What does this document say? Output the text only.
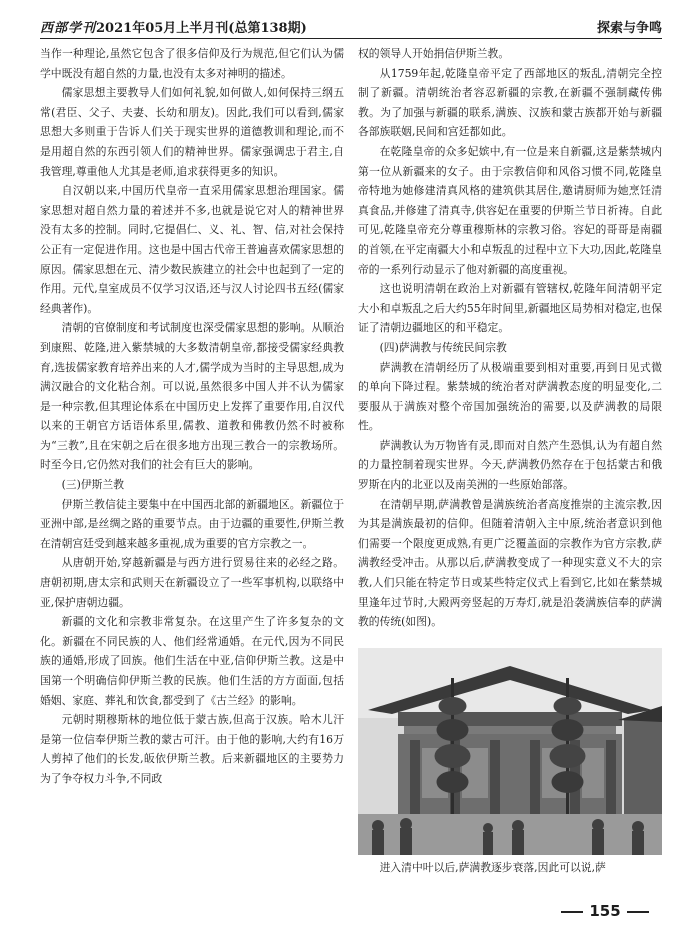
西部学刊2021年05月上半月刊(总第138期)	探索与争鸣

当作一种理论,虽然它包含了很多信仰及行为规范,但它们认为儒学中既没有超自然的力量,也没有太多对神明的描述。

儒家思想主要教导人们如何礼貌,如何做人,如何保持三纲五常(君臣、父子、夫妻、长幼和朋友)。因此,我们可以看到,儒家思想大多则重于告诉人们关于现实世界的道德教训和理论,而不是用超自然的东西引领人们的精神世界。儒家强调忠于君主,自我管理,尊重他人尤其是老师,追求获得更多的知识。

自汉朝以来,中国历代皇帝一直采用儒家思想治理国家。儒家思想对超自然力量的着述并不多,也就是说它对人的精神世界没有太多的控制。同时,它提倡仁、义、礼、智、信,对社会保持公正有一定促进作用。这也是中国古代帝王普遍喜欢儒家思想的原因。儒家思想在元、清少数民族建立的社会中也起到了一定的作用。元代,皇室成员不仅学习汉语,还与汉人讨论四书五经(儒家经典著作)。

清朝的官僚制度和考试制度也深受儒家思想的影响。从顺治到康熙、乾隆,进入紫禁城的大多数清朝皇帝,都接受儒家经典教育,选拔儒家教育培养出来的人才,儒学成为当时的主导思想,成为满汉融合的文化粘合剂。可以说,虽然很多中国人并不认为儒家是一种宗教,但其理论体系在中国历史上发挥了重要作用,自汉代以来的王朝官方话语体系里,儒教、道教和佛教仍然不时被称为“三教”,且在宋朝之后在很多地方出现三教合一的宗教场所。时至今日,它仍然对我们的社会有巨大的影响。

(三)伊斯兰教

伊斯兰教信徒主要集中在中国西北部的新疆地区。新疆位于亚洲中部,是丝绸之路的重要节点。由于边疆的重要性,伊斯兰教在清朝宫廷受到越来越多重视,成为重要的官方宗教之一。

从唐朝开始,穿越新疆是与西方进行贸易往来的必经之路。唐朝初期,唐太宗和武则天在新疆设立了一些军事机构,以联络中亚,保护唐朝边疆。

新疆的文化和宗教非常复杂。在这里产生了许多复杂的文化。新疆在不同民族的人、他们经常通婚。在元代,因为不同民族的通婚,形成了回族。他们生活在中亚,信仰伊斯兰教。这是中国第一个明确信仰伊斯兰教的民族。他们生活的方方面面,包括婚姻、家庭、葬礼和饮食,都受到了《古兰经》的影响。

元朝时期穆斯林的地位低于蒙古族,但高于汉族。哈木儿汗是第一位信奉伊斯兰教的蒙古可汗。由于他的影响,大约有16万人剪掉了他们的长发,皈依伊斯兰教。后来新疆地区的主要势力为了争夺权力斗争,不同政

权的领导人开始捐信伊斯兰教。

从1759年起,乾隆皇帝平定了西部地区的叛乱,清朝完全控制了新疆。清朝统治者容忍新疆的宗教,在新疆不强制藏传佛教。为了加强与新疆的联系,满族、汉族和蒙古族都开始与新疆各部族联姻,民间和宫廷都如此。

在乾隆皇帝的众多妃嫔中,有一位是来自新疆,这是紫禁城内第一位从新疆来的女子。由于宗教信仰和风俗习惯不同,乾隆皇帝特地为她修建清真风格的建筑供其居住,邀请厨师为她烹饪清真食品,并修建了清真寺,供容妃在重要的伊斯兰节日祈祷。自此可见,乾隆皇帝充分尊重穆斯林的宗教习俗。容妃的哥哥是南疆的首领,在平定南疆大小和卓叛乱的过程中立下大功,因此,乾隆皇帝的一系列行动显示了他对新疆的高度重视。

这也说明清朝在政治上对新疆有管辖权,乾隆年间清朝平定大小和卓叛乱之后大约55年时间里,新疆地区局势相对稳定,也保证了清朝边疆地区的和平稳定。

(四)萨满教与传统民间宗教

萨满教在清朝经历了从极端重要到相对重要,再到日见式微的单向下降过程。紫禁城的统治者对萨满教态度的明显变化,二要服从于满族对整个帝国加强统治的需要,以及萨满教的局限性。

萨满教认为万物皆有灵,即而对自然产生恐惧,认为有超自然的力量控制着现实世界。今天,萨满教仍然存在于包括蒙古和俄罗斯在内的北亚以及南美洲的一些原始部落。

在清朝早期,萨满教曾是满族统治者高度推崇的主流宗教,因为其是满族最初的信仰。但随着清朝入主中原,统治者意识到他们需要一个限度更成熟,有更广泛覆盖面的宗教作为官方宗教,萨满教经受冲击。从那以后,萨满教变成了一种现实意义不大的宗教,人们只能在特定节日或某些特定仪式上看到它,比如在紫禁城里逢年过节时,大殿两旁竖起的万寿灯,就是沿袭满族信奉的萨满教的传统(如图)。

进入清中叶以后,萨满教逐步衰落,因此可以说,萨
155
